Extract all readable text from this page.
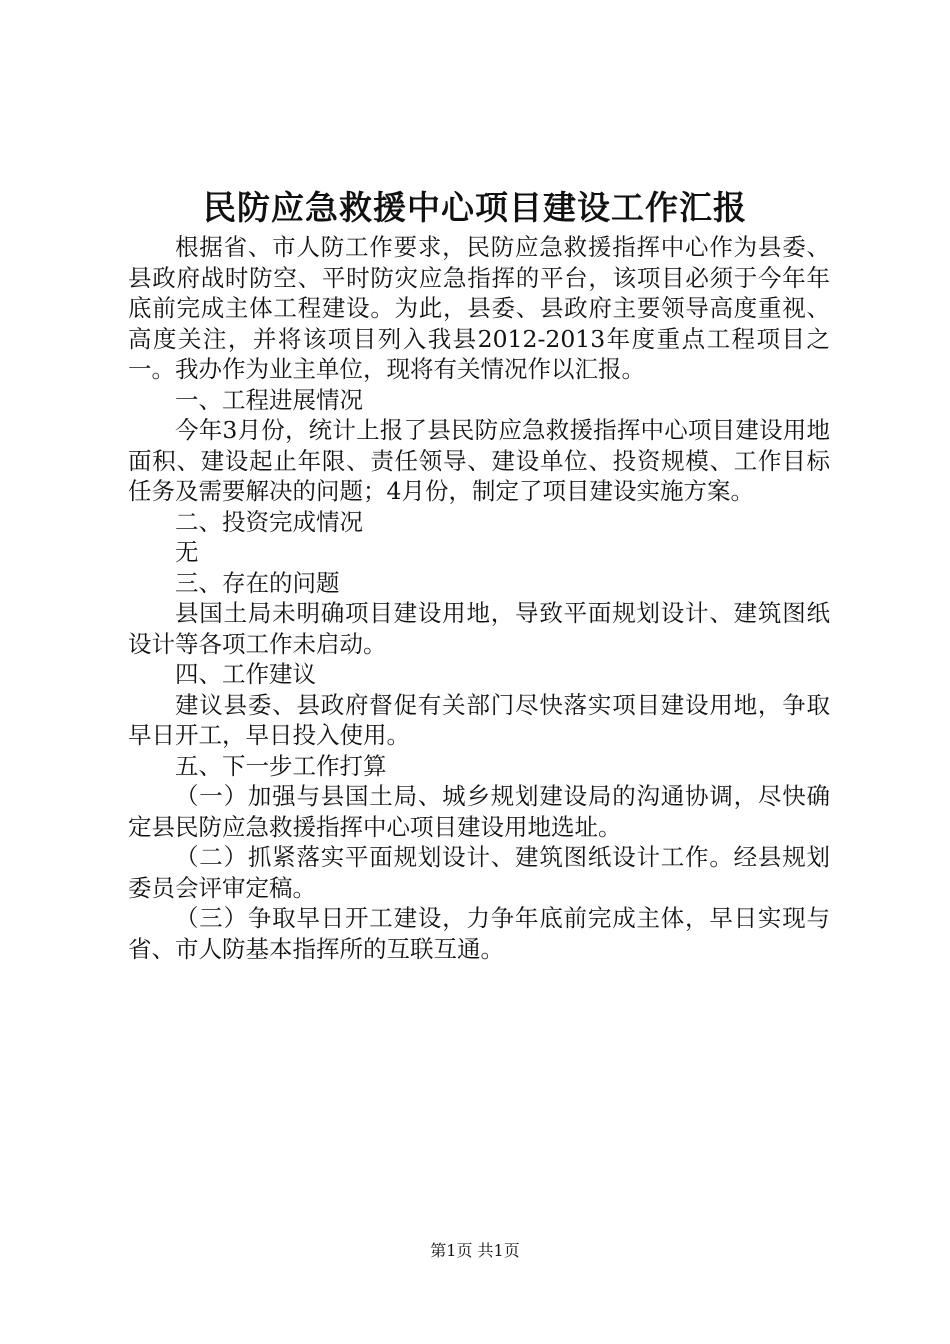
民防应急救援中心项目建设工作汇报

根据省、市人防工作要求，民防应急救援指挥中心作为县委、县政府战时防空、平时防灾应急指挥的平台，该项目必须于今年年底前完成主体工程建设。为此，县委、县政府主要领导高度重视、高度关注，并将该项目列入我县2012-2013年度重点工程项目之一。我办作为业主单位，现将有关情况作以汇报。

一、工程进展情况

今年3月份，统计上报了县民防应急救援指挥中心项目建设用地面积、建设起止年限、责任领导、建设单位、投资规模、工作目标任务及需要解决的问题；4月份，制定了项目建设实施方案。

二、投资完成情况

无

三、存在的问题

县国土局未明确项目建设用地，导致平面规划设计、建筑图纸设计等各项工作未启动。

四、工作建议

建议县委、县政府督促有关部门尽快落实项目建设用地，争取早日开工，早日投入使用。

五、下一步工作打算

（一）加强与县国土局、城乡规划建设局的沟通协调，尽快确定县民防应急救援指挥中心项目建设用地选址。

（二）抓紧落实平面规划设计、建筑图纸设计工作。经县规划委员会评审定稿。

（三）争取早日开工建设，力争年底前完成主体，早日实现与省、市人防基本指挥所的互联互通。

第1页 共1页
